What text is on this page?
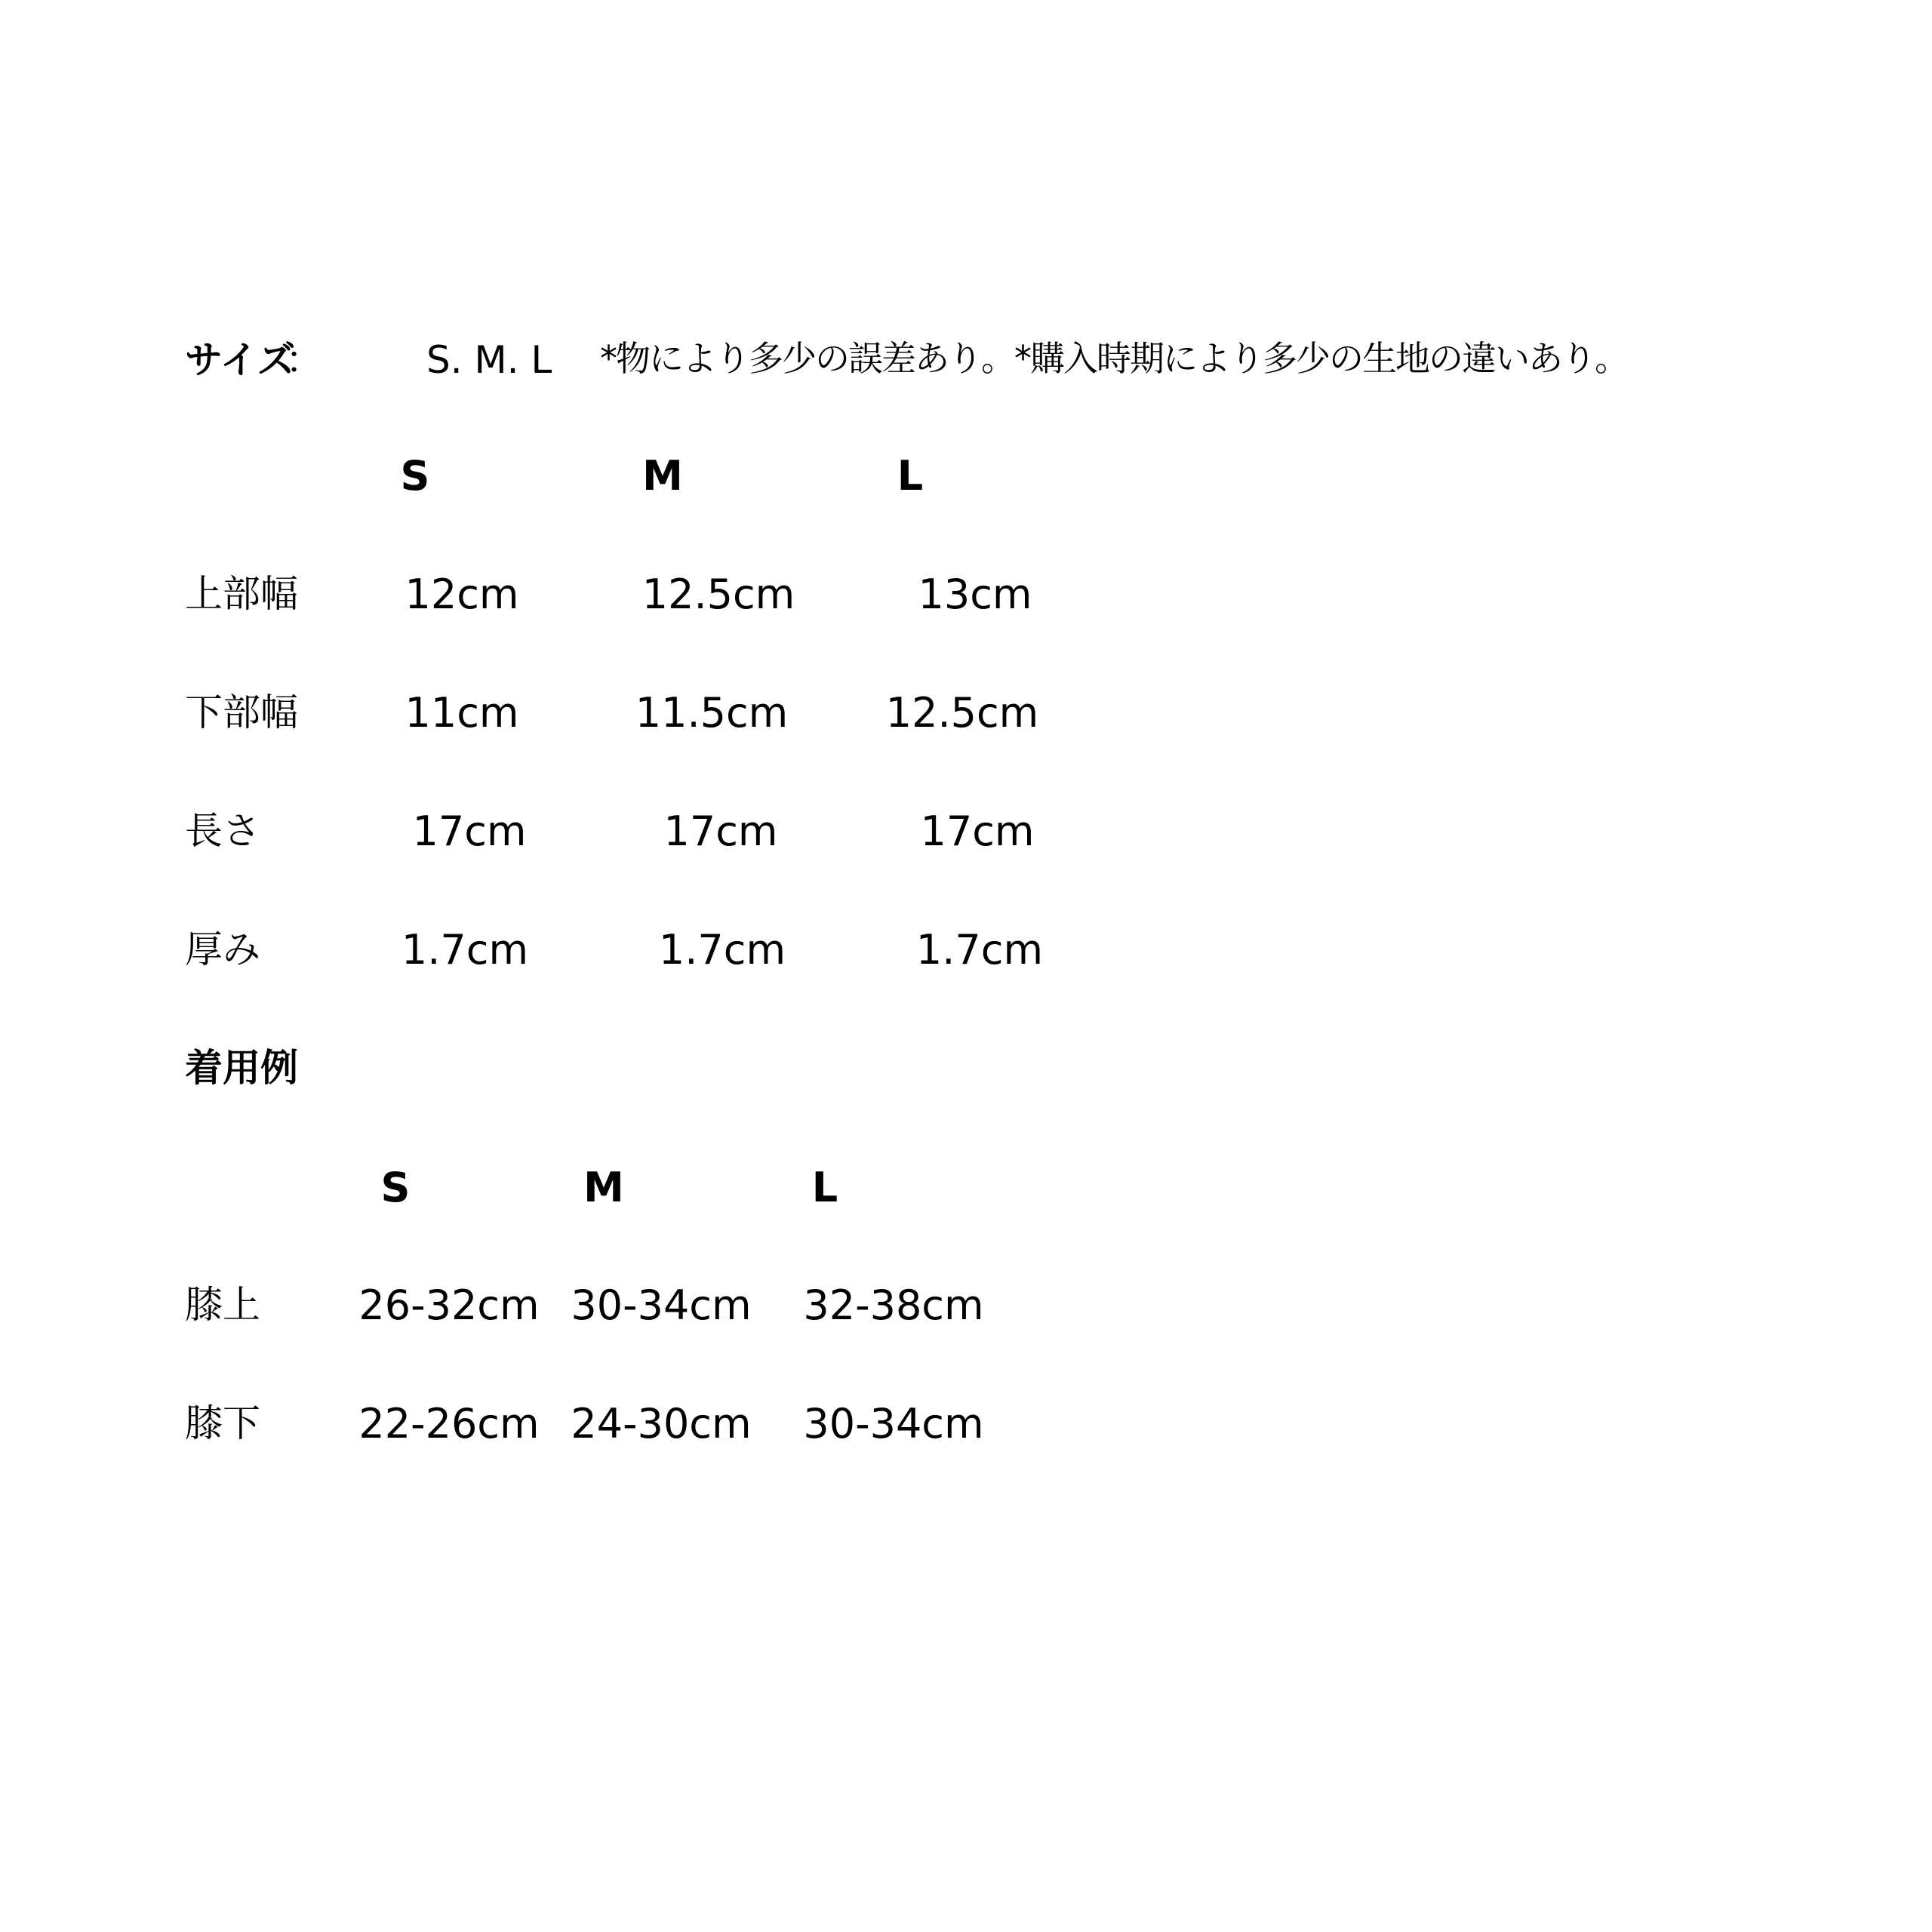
サイズ
：	S. M. L *物により多少の誤差あり。*購入時期により多少の生地の違いあり。
S	M	L
上部幅	12cm	12.5cm	13cm
下部幅	11cm	11.5cm 12.5cm
長さ	17cm	17cm	17cm
厚み	1.7cm	1.7cm	1.7cm
着用例
S	M	L
膝上 26-32cm 30-34cm 32-38cm
膝下 22-26cm 24-30cm 30-34cm
